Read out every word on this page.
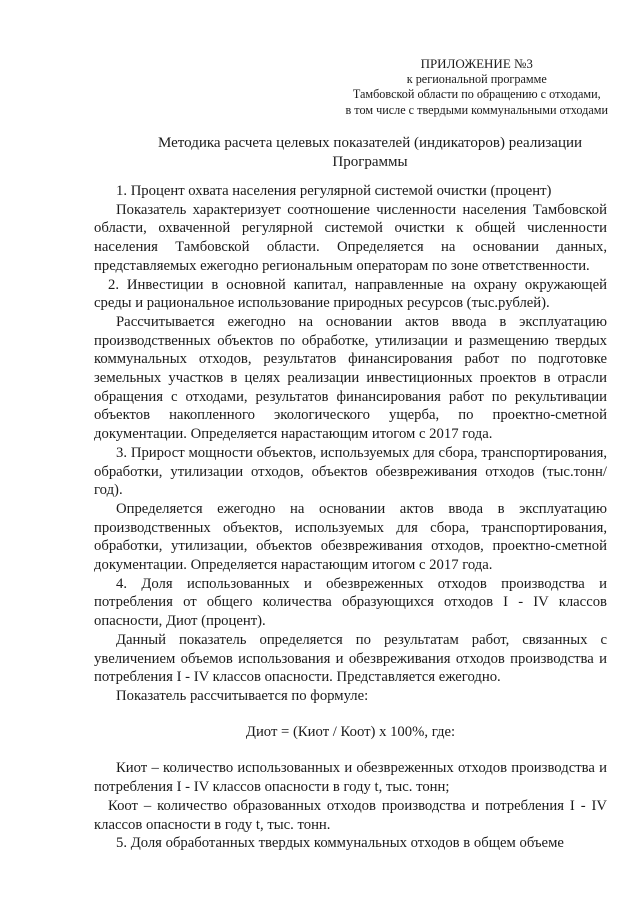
ПРИЛОЖЕНИЕ №3
к региональной программе
Тамбовской области по обращению с отходами,
в том числе с твердыми коммунальными отходами
Методика расчета целевых показателей (индикаторов) реализации Программы

1. Процент охвата населения регулярной системой очистки (процент)

Показатель характеризует соотношение численности населения Тамбовской области, охваченной регулярной системой очистки к общей численности населения Тамбовской области. Определяется на основании данных, представляемых ежегодно региональным операторам по зоне ответственности.

2. Инвестиции в основной капитал, направленные на охрану окружающей среды и рациональное использование природных ресурсов (тыс.рублей).

Рассчитывается ежегодно на основании актов ввода в эксплуатацию производственных объектов по обработке, утилизации и размещению твердых коммунальных отходов, результатов финансирования работ по подготовке земельных участков в целях реализации инвестиционных проектов в отрасли обращения с отходами, результатов финансирования работ по рекультивации объектов накопленного экологического ущерба, по проектно-сметной документации. Определяется нарастающим итогом с 2017 года.

3. Прирост мощности объектов, используемых для сбора, транспортирования, обработки, утилизации отходов, объектов обезвреживания отходов (тыс.тонн/год).

Определяется ежегодно на основании актов ввода в эксплуатацию производственных объектов, используемых для сбора, транспортирования, обработки, утилизации, объектов обезвреживания отходов, проектно-сметной документации. Определяется нарастающим итогом с 2017 года.

4. Доля использованных и обезвреженных отходов производства и потребления от общего количества образующихся отходов I - IV классов опасности, Диот (процент).

Данный показатель определяется по результатам работ, связанных с увеличением объемов использования и обезвреживания отходов производства и потребления I - IV классов опасности. Представляется ежегодно.

Показатель рассчитывается по формуле:

Диот = (Киот / Коот) х 100%, где:

Киот – количество использованных и обезвреженных отходов производства и потребления I - IV классов опасности в году t, тыс. тонн;

Коот – количество образованных отходов производства и потребления I - IV классов опасности в году t, тыс. тонн.

5. Доля обработанных твердых коммунальных отходов в общем объеме
